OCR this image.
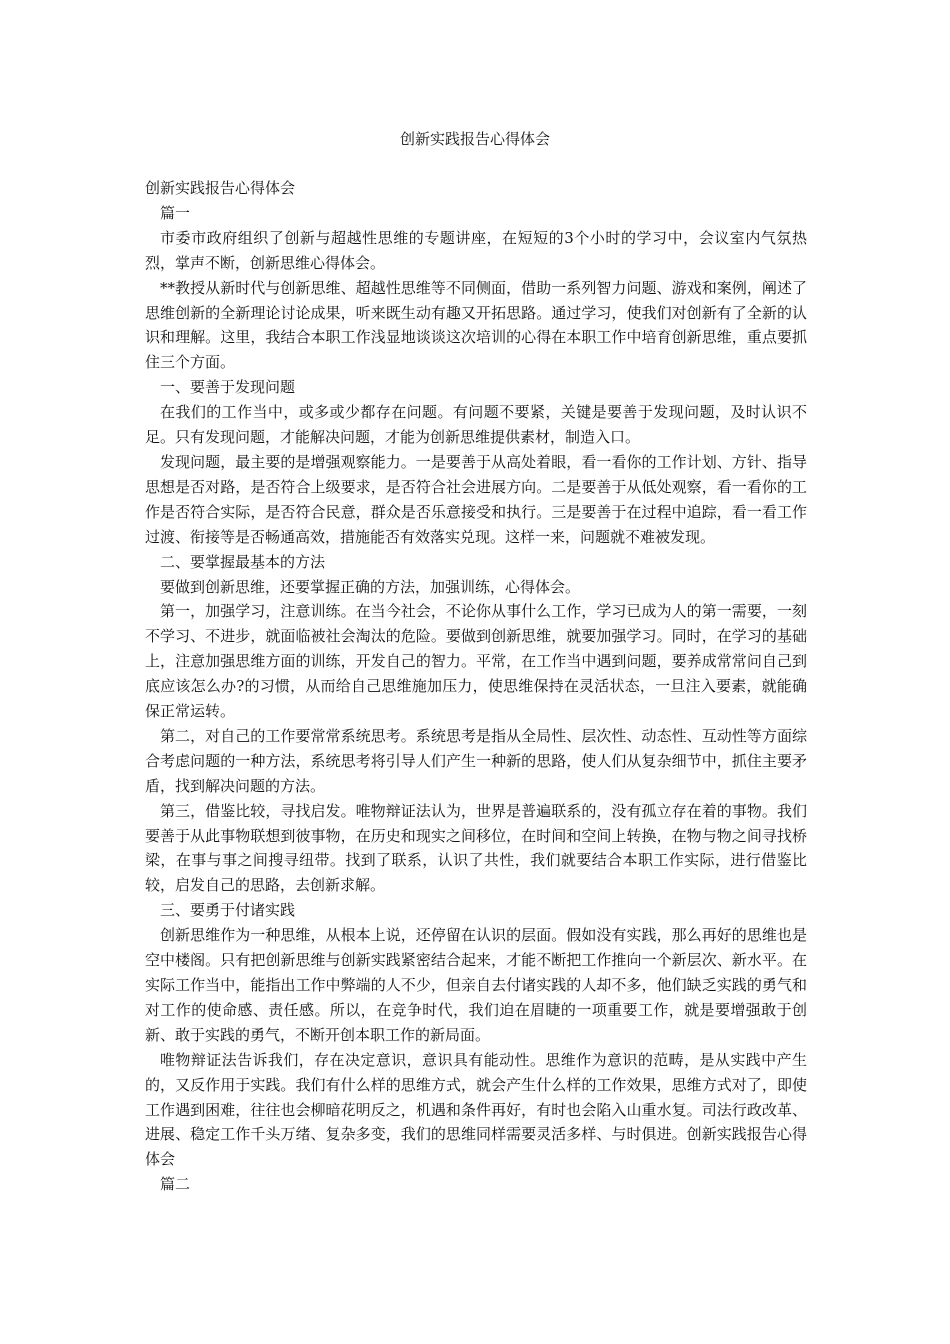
创新实践报告心得体会

创新实践报告心得体会

篇一

市委市政府组织了创新与超越性思维的专题讲座，在短短的3个小时的学习中，会议室内气氛热烈，掌声不断，创新思维心得体会。

**教授从新时代与创新思维、超越性思维等不同侧面，借助一系列智力问题、游戏和案例，阐述了思维创新的全新理论讨论成果，听来既生动有趣又开拓思路。通过学习，使我们对创新有了全新的认识和理解。这里，我结合本职工作浅显地谈谈这次培训的心得在本职工作中培育创新思维，重点要抓住三个方面。

一、要善于发现问题

在我们的工作当中，或多或少都存在问题。有问题不要紧，关键是要善于发现问题，及时认识不足。只有发现问题，才能解决问题，才能为创新思维提供素材，制造入口。

发现问题，最主要的是增强观察能力。一是要善于从高处着眼，看一看你的工作计划、方针、指导思想是否对路，是否符合上级要求，是否符合社会进展方向。二是要善于从低处观察，看一看你的工作是否符合实际，是否符合民意，群众是否乐意接受和执行。三是要善于在过程中追踪，看一看工作过渡、衔接等是否畅通高效，措施能否有效落实兑现。这样一来，问题就不难被发现。

二、要掌握最基本的方法

要做到创新思维，还要掌握正确的方法，加强训练，心得体会。

第一，加强学习，注意训练。在当今社会，不论你从事什么工作，学习已成为人的第一需要，一刻不学习、不进步，就面临被社会淘汰的危险。要做到创新思维，就要加强学习。同时，在学习的基础上，注意加强思维方面的训练，开发自己的智力。平常，在工作当中遇到问题，要养成常常问自己到底应该怎么办?的习惯，从而给自己思维施加压力，使思维保持在灵活状态，一旦注入要素，就能确保正常运转。

第二，对自己的工作要常常系统思考。系统思考是指从全局性、层次性、动态性、互动性等方面综合考虑问题的一种方法，系统思考将引导人们产生一种新的思路，使人们从复杂细节中，抓住主要矛盾，找到解决问题的方法。

第三，借鉴比较，寻找启发。唯物辩证法认为，世界是普遍联系的，没有孤立存在着的事物。我们要善于从此事物联想到彼事物，在历史和现实之间移位，在时间和空间上转换，在物与物之间寻找桥梁，在事与事之间搜寻纽带。找到了联系，认识了共性，我们就要结合本职工作实际，进行借鉴比较，启发自己的思路，去创新求解。

三、要勇于付诸实践

创新思维作为一种思维，从根本上说，还停留在认识的层面。假如没有实践，那么再好的思维也是空中楼阁。只有把创新思维与创新实践紧密结合起来，才能不断把工作推向一个新层次、新水平。在实际工作当中，能指出工作中弊端的人不少，但亲自去付诸实践的人却不多，他们缺乏实践的勇气和对工作的使命感、责任感。所以，在竞争时代，我们迫在眉睫的一项重要工作，就是要增强敢于创新、敢于实践的勇气，不断开创本职工作的新局面。

唯物辩证法告诉我们，存在决定意识，意识具有能动性。思维作为意识的范畴，是从实践中产生的，又反作用于实践。我们有什么样的思维方式，就会产生什么样的工作效果，思维方式对了，即使工作遇到困难，往往也会柳暗花明反之，机遇和条件再好，有时也会陷入山重水复。司法行政改革、进展、稳定工作千头万绪、复杂多变，我们的思维同样需要灵活多样、与时俱进。创新实践报告心得体会

篇二
